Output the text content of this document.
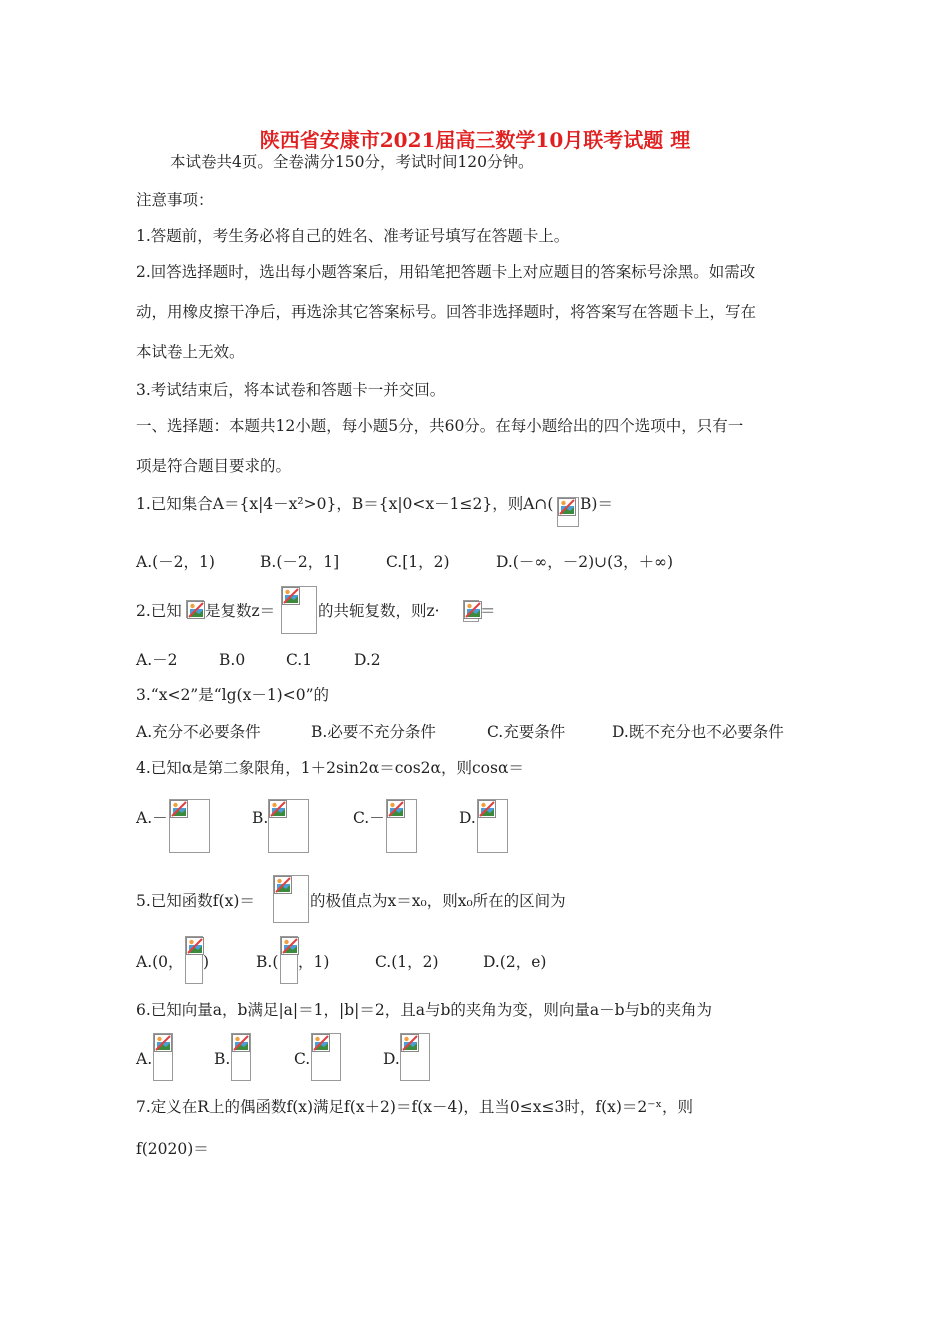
陕西省安康市2021届高三数学10月联考试题 理
本试卷共4页。全卷满分150分，考试时间120分钟。
注意事项：
1.答题前，考生务必将自己的姓名、准考证号填写在答题卡上。
2.回答选择题时，选出每小题答案后，用铅笔把答题卡上对应题目的答案标号涂黑。如需改
动，用橡皮擦干净后，再选涂其它答案标号。回答非选择题时，将答案写在答题卡上，写在
本试卷上无效。
3.考试结束后，将本试卷和答题卡一并交回。
一、选择题：本题共12小题，每小题5分，共60分。在每小题给出的四个选项中，只有一
项是符合题目要求的。
1.已知集合A＝{x|4－x²>0}，B＝{x|0<x－1≤2}，则A∩( B)＝
A.(－2，1)	B.(－2，1]	C.[1，2)	D.(－∞，－2)∪(3，＋∞)
2.已知 是复数z＝	的共轭复数，则z·	＝
A.－2	B.0	C.1	D.2
3.“x<2”是“lg(x－1)<0”的
A.充分不必要条件	B.必要不充分条件	C.充要条件	D.既不充分也不必要条件
4.已知α是第二象限角，1＋2sin2α＝cos2α，则cosα＝
A.－	B.	C.－	D.
5.已知函数f(x)＝	的极值点为x＝x₀，则x₀所在的区间为
A.(0， )	B.( ，1)	C.(1，2)	D.(2，e)
6.已知向量a，b满足|a|＝1，|b|＝2，且a与b的夹角为变，则向量a－b与b的夹角为
A.	B.	C.	D.
7.定义在R上的偶函数f(x)满足f(x＋2)＝f(x－4)，且当0≤x≤3时，f(x)＝2⁻ˣ，则
f(2020)＝
